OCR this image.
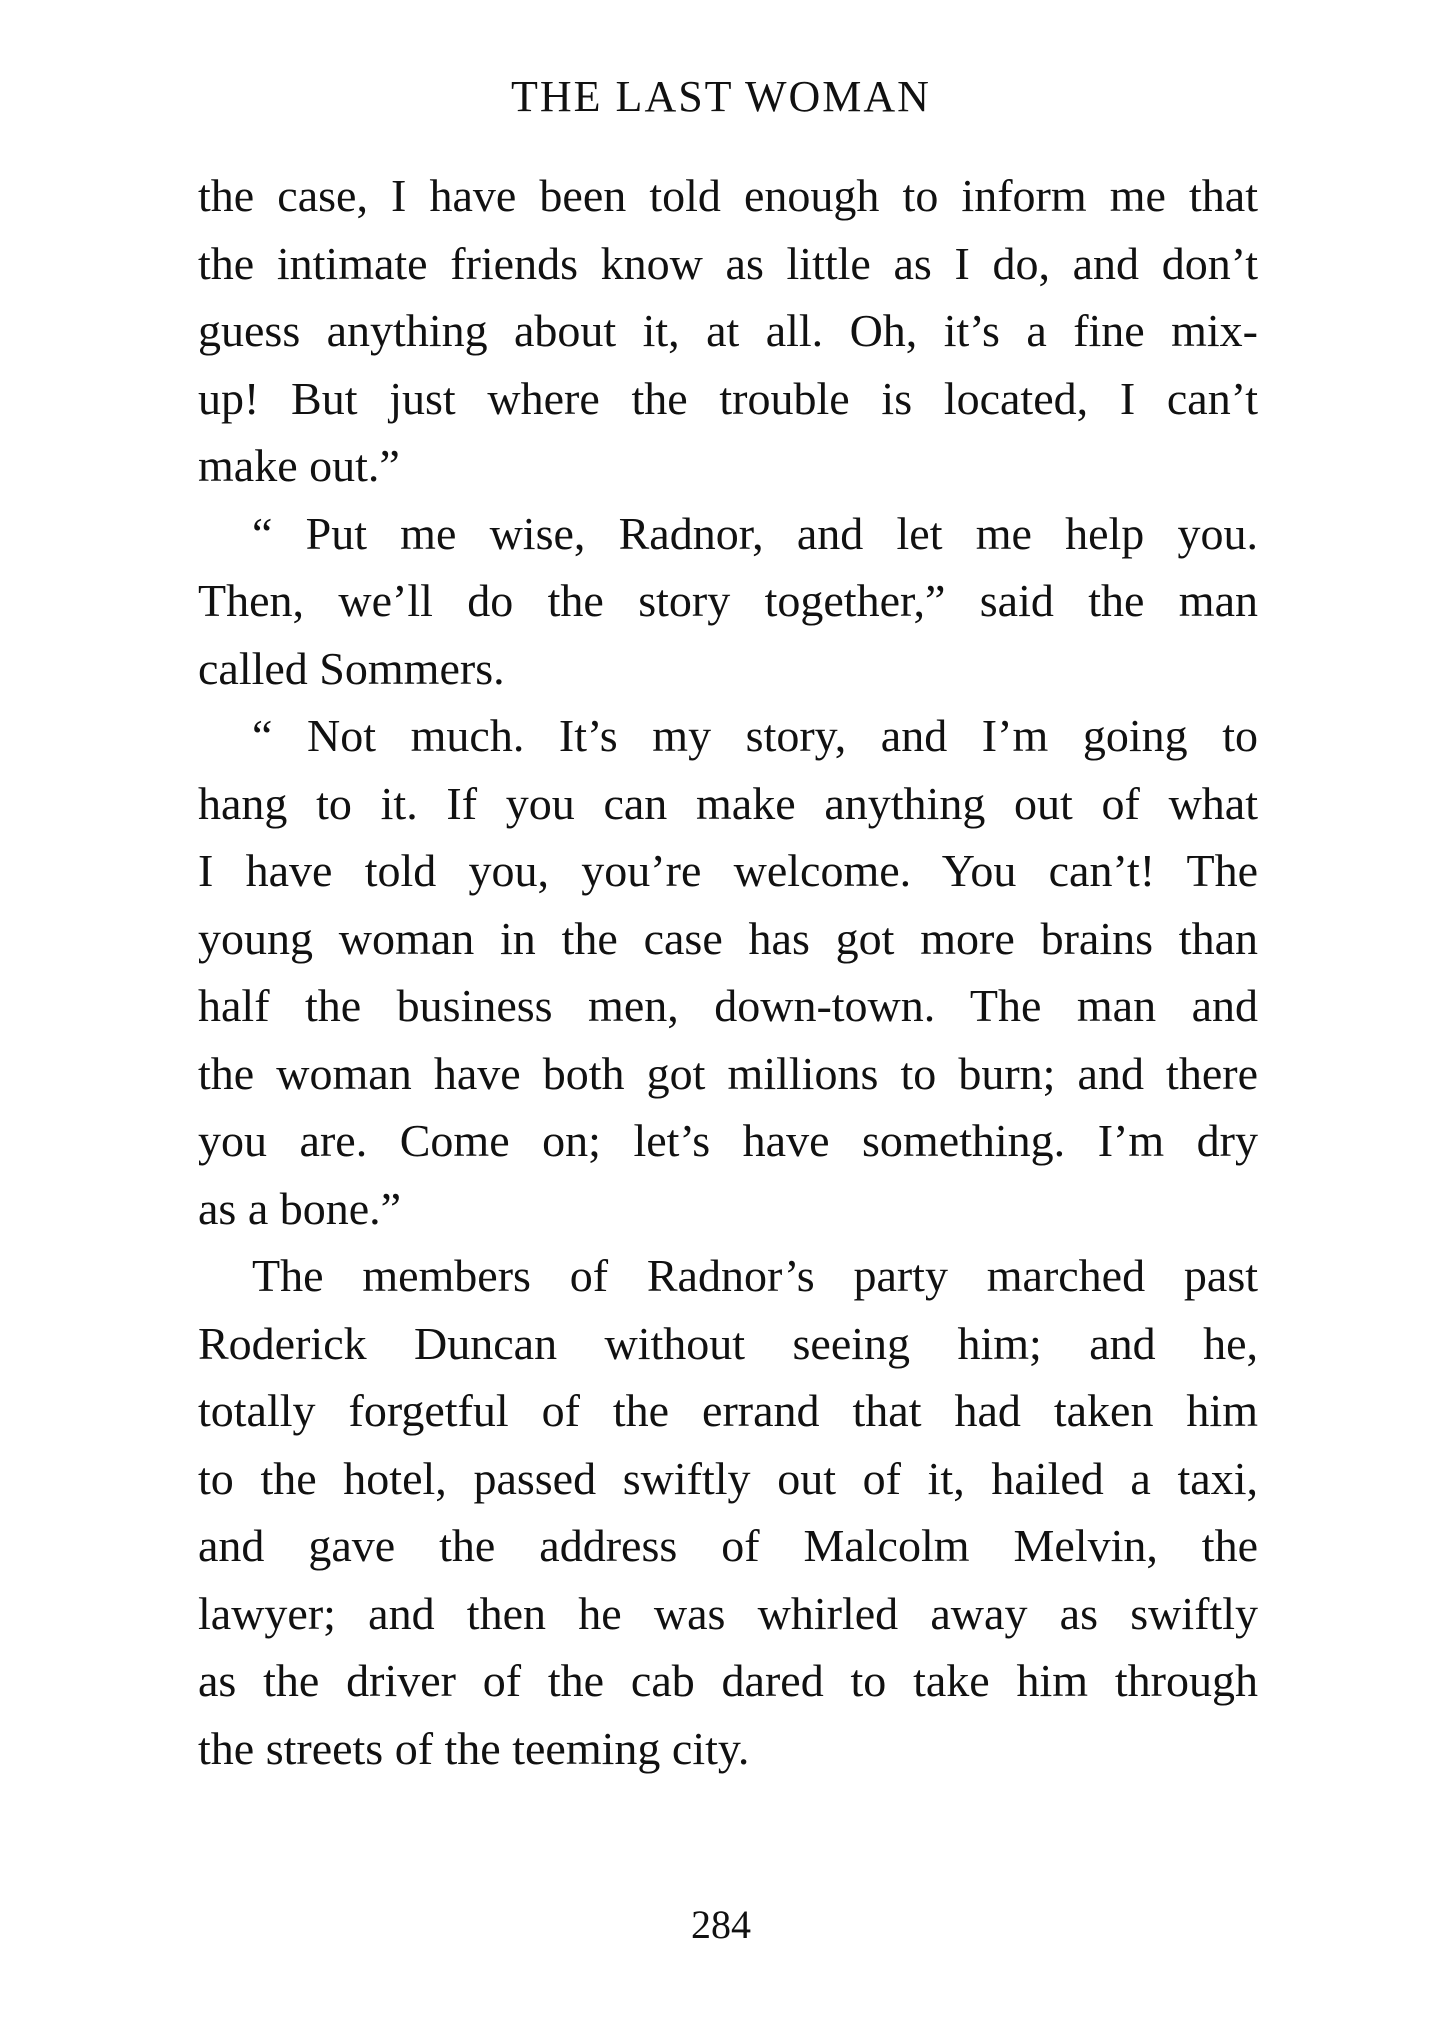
THE LAST WOMAN
the case, I have been told enough to inform me that
the intimate friends know as little as I do, and don’t
guess anything about it, at all. Oh, it’s a fine mix-
up! But just where the trouble is located, I can’t
make out.”
“ Put me wise, Radnor, and let me help you.
Then, we’ll do the story together,” said the man
called Sommers.
“ Not much. It’s my story, and I’m going to
hang to it. If you can make anything out of what
I have told you, you’re welcome. You can’t! The
young woman in the case has got more brains than
half the business men, down-town. The man and
the woman have both got millions to burn; and there
you are. Come on; let’s have something. I’m dry
as a bone.”
The members of Radnor’s party marched past
Roderick Duncan without seeing him; and he,
totally forgetful of the errand that had taken him
to the hotel, passed swiftly out of it, hailed a taxi,
and gave the address of Malcolm Melvin, the
lawyer; and then he was whirled away as swiftly
as the driver of the cab dared to take him through
the streets of the teeming city.
284
